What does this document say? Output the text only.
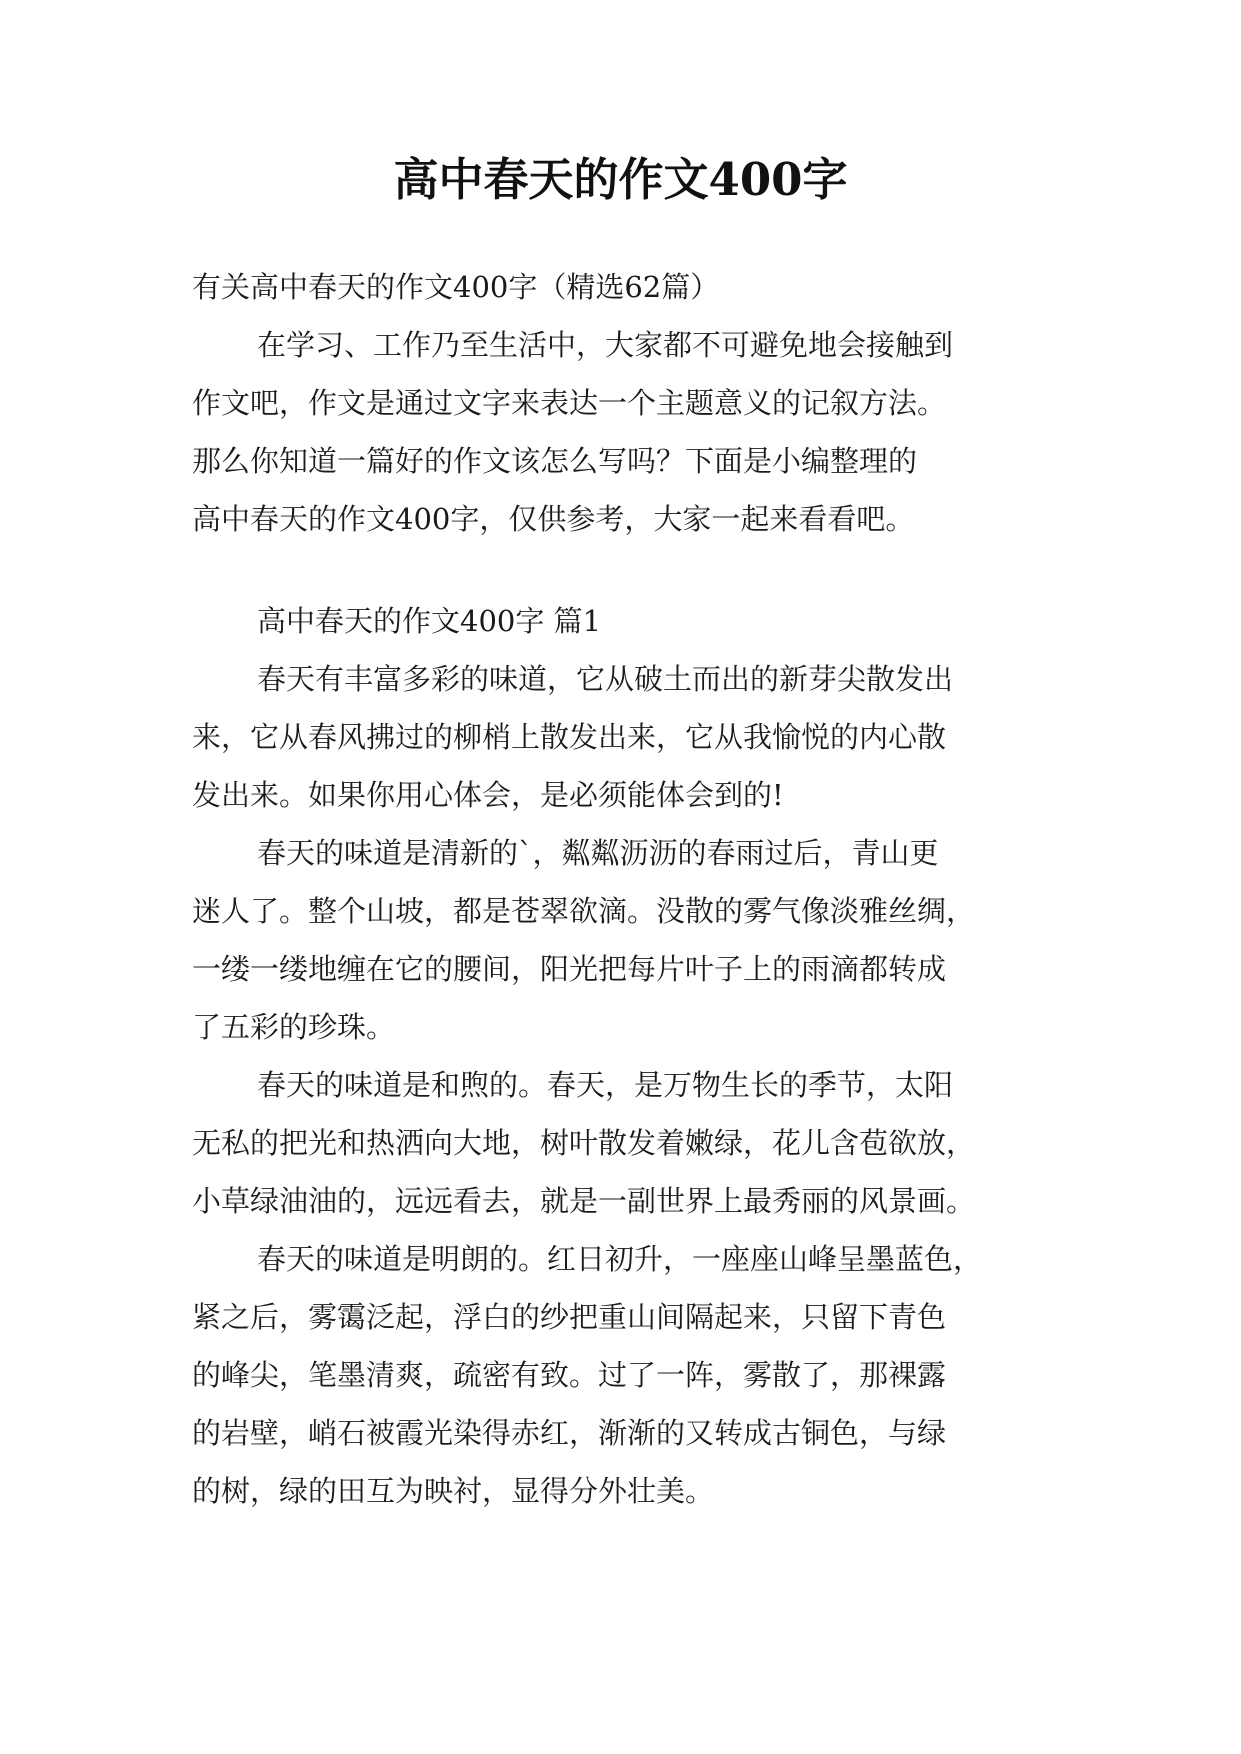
高中春天的作文400字
有关高中春天的作文400字（精选62篇）
在学习、工作乃至生活中，大家都不可避免地会接触到
作文吧，作文是通过文字来表达一个主题意义的记叙方法。
那么你知道一篇好的作文该怎么写吗？下面是小编整理的
高中春天的作文400字，仅供参考，大家一起来看看吧。
高中春天的作文400字 篇1
春天有丰富多彩的味道，它从破土而出的新芽尖散发出
来，它从春风拂过的柳梢上散发出来，它从我愉悦的内心散
发出来。如果你用心体会，是必须能体会到的!
春天的味道是清新的`，粼粼沥沥的春雨过后，青山更
迷人了。整个山坡，都是苍翠欲滴。没散的雾气像淡雅丝绸，
一缕一缕地缠在它的腰间，阳光把每片叶子上的雨滴都转成
了五彩的珍珠。
春天的味道是和煦的。春天，是万物生长的季节，太阳
无私的把光和热洒向大地，树叶散发着嫩绿，花儿含苞欲放，
小草绿油油的，远远看去，就是一副世界上最秀丽的风景画。
春天的味道是明朗的。红日初升，一座座山峰呈墨蓝色，
紧之后，雾霭泛起，浮白的纱把重山间隔起来，只留下青色
的峰尖，笔墨清爽，疏密有致。过了一阵，雾散了，那裸露
的岩壁，峭石被霞光染得赤红，渐渐的又转成古铜色，与绿
的树，绿的田互为映衬，显得分外壮美。
